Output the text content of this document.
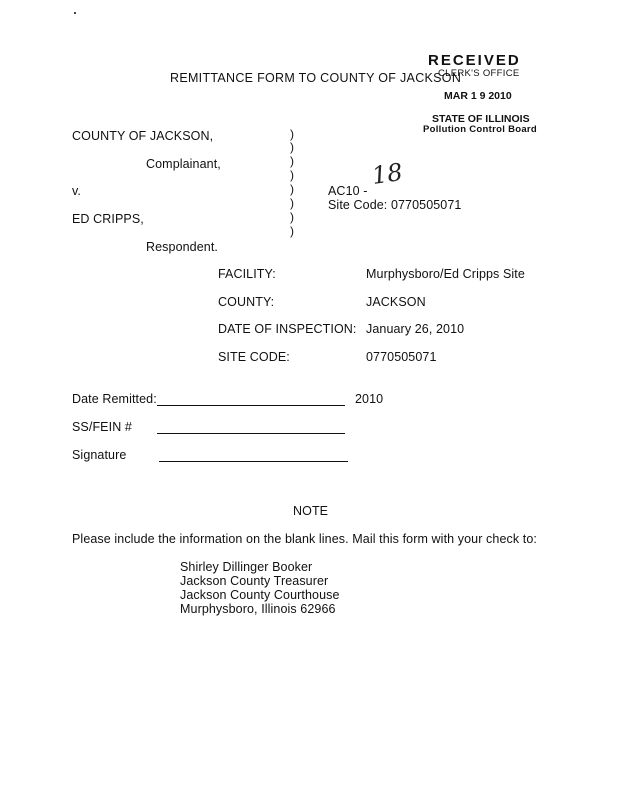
RECEIVED
CLERK'S OFFICE
MAR 1 9 2010
STATE OF ILLINOIS
Pollution Control Board
REMITTANCE FORM TO COUNTY OF JACKSON
COUNTY OF JACKSON,
Complainant,
v.
ED CRIPPS,
Respondent.
)
)
)
)
)
)
)
)
AC10 -
18
Site Code: 0770505071
FACILITY:	Murphysboro/Ed Cripps Site
COUNTY:	JACKSON
DATE OF INSPECTION: January 26, 2010
SITE CODE:	0770505071
Date Remitted:	2010
SS/FEIN #
Signature
NOTE
Please include the information on the blank lines. Mail this form with your check to:
Shirley Dillinger Booker
Jackson County Treasurer
Jackson County Courthouse
Murphysboro, Illinois 62966
